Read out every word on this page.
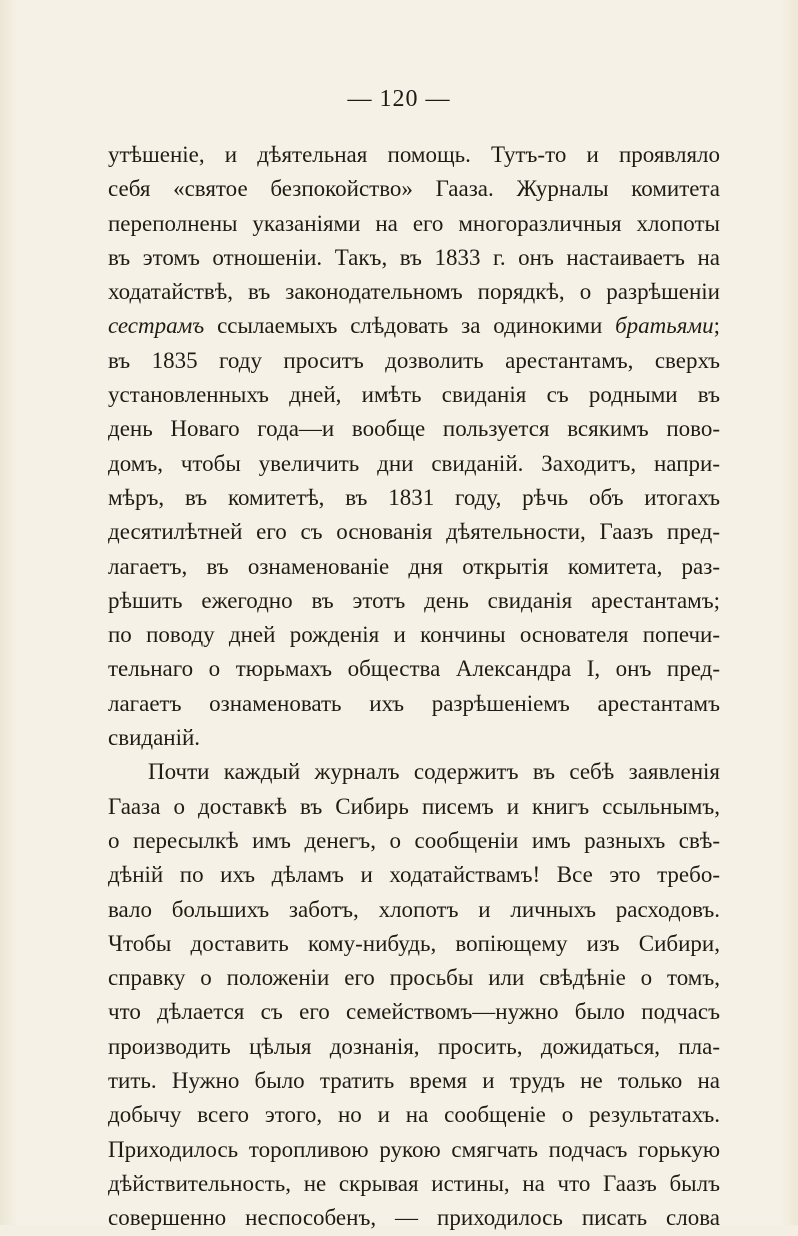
— 120 —
утѣшеніе, и дѣятельная помощь. Тутъ-то и проявляло
себя «святое безпокойство» Гааза. Журналы комитета
переполнены указаніями на его многоразличныя хлопоты
въ этомъ отношеніи. Такъ, въ 1833 г. онъ настаиваетъ на
ходатайствѣ, въ законодательномъ порядкѣ, о разрѣшеніи
сестрамъ ссылаемыхъ слѣдовать за одинокими братьями;
въ 1835 году проситъ дозволить арестантамъ, сверхъ
установленныхъ дней, имѣть свиданія съ родными въ
день Новаго года—и вообще пользуется всякимъ пово-
домъ, чтобы увеличить дни свиданій. Заходитъ, напри-
мѣръ, въ комитетѣ, въ 1831 году, рѣчь объ итогахъ
десятилѣтней его съ основанія дѣятельности, Гаазъ пред-
лагаетъ, въ ознаменованіе дня открытія комитета, раз-
рѣшить ежегодно въ этотъ день свиданія арестантамъ;
по поводу дней рожденія и кончины основателя попечи-
тельнаго о тюрьмахъ общества Александра I, онъ пред-
лагаетъ ознаменовать ихъ разрѣшеніемъ арестантамъ
свиданій.
Почти каждый журналъ содержитъ въ себѣ заявленія
Гааза о доставкѣ въ Сибирь писемъ и книгъ ссыльнымъ,
о пересылкѣ имъ денегъ, о сообщеніи имъ разныхъ свѣ-
дѣній по ихъ дѣламъ и ходатайствамъ! Все это требо-
вало большихъ заботъ, хлопотъ и личныхъ расходовъ.
Чтобы доставить кому-нибудь, вопіющему изъ Сибири,
справку о положеніи его просьбы или свѣдѣніе о томъ,
что дѣлается съ его семействомъ—нужно было подчасъ
производить цѣлыя дознанія, просить, дожидаться, пла-
тить. Нужно было тратить время и трудъ не только на
добычу всего этого, но и на сообщеніе о результатахъ.
Приходилось торопливою рукою смягчать подчасъ горькую
дѣйствительность, не скрывая истины, на что Гаазъ былъ
совершенно неспособенъ, — приходилось писать слова
